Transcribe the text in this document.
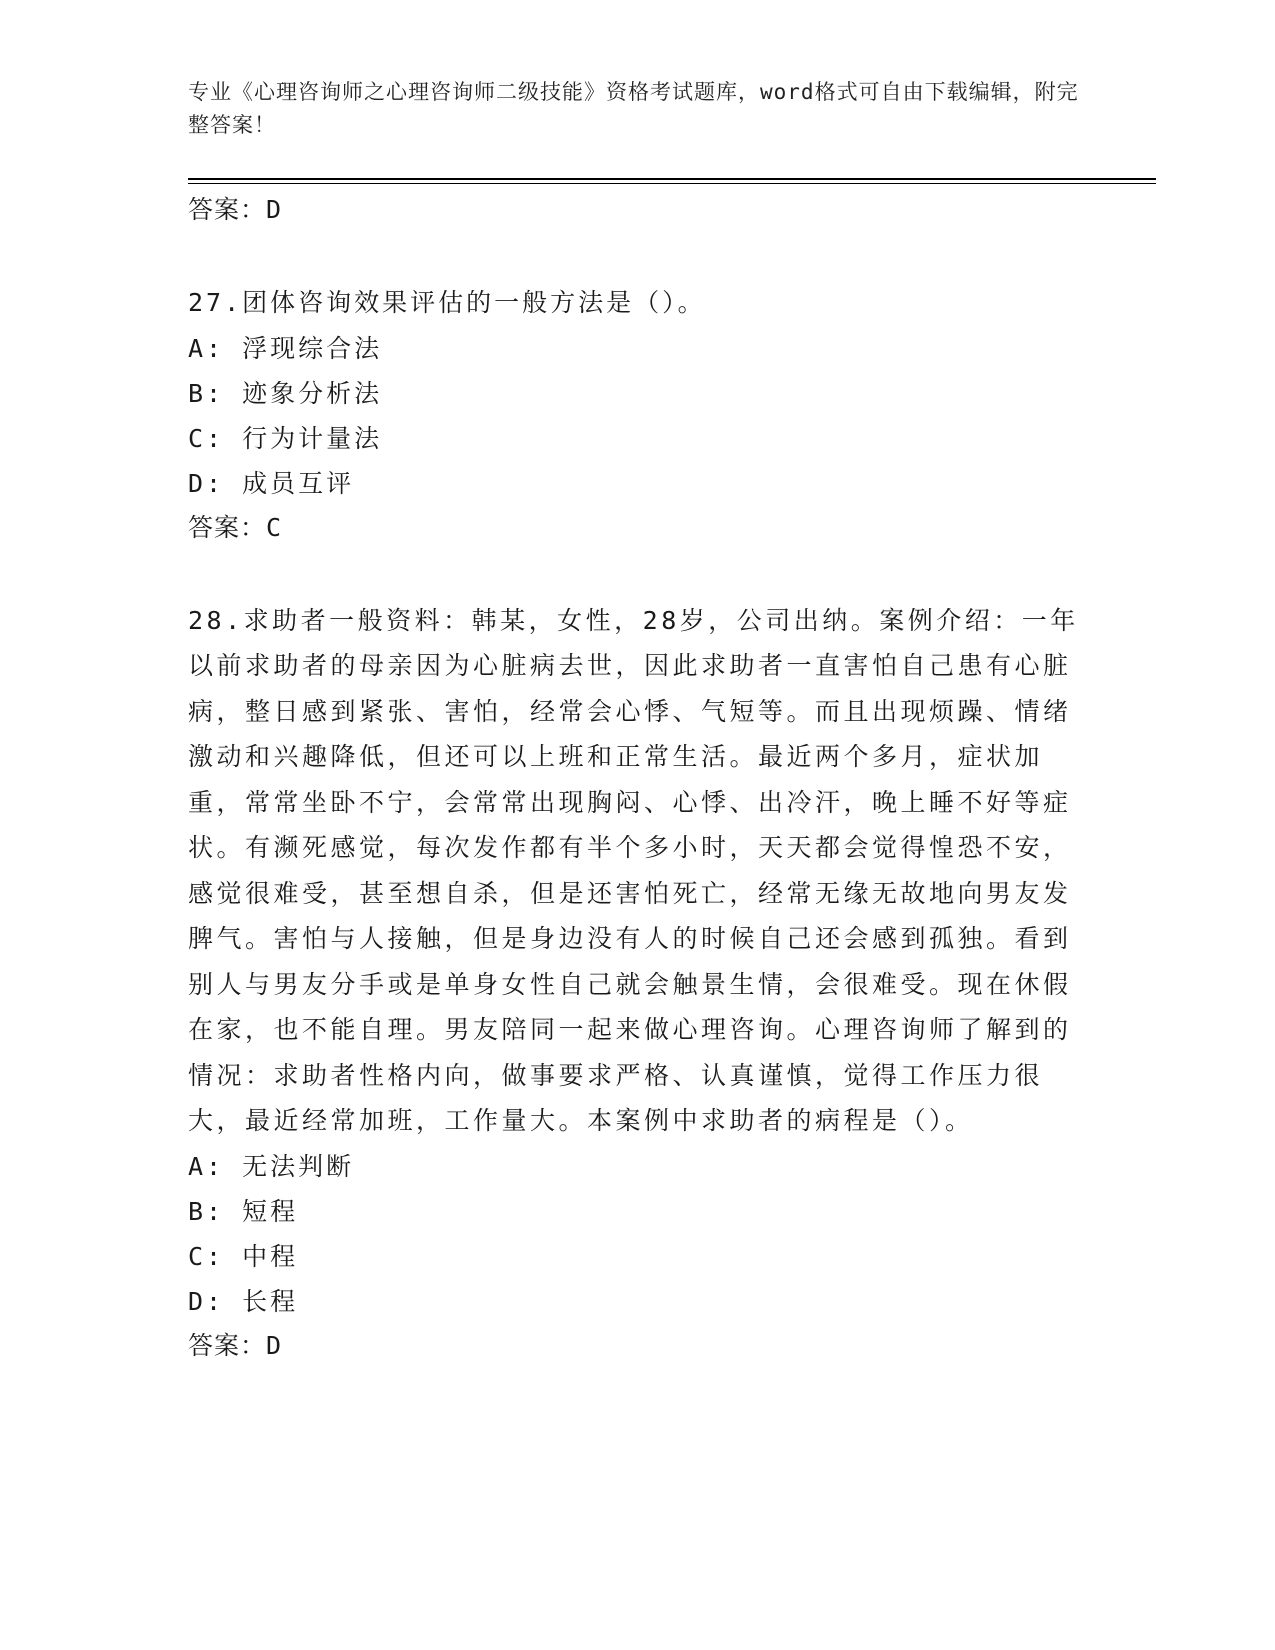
专业《心理咨询师之心理咨询师二级技能》资格考试题库，word格式可自由下载编辑，附完整答案！
答案：D
27.团体咨询效果评估的一般方法是（）。
A: 浮现综合法
B: 迹象分析法
C: 行为计量法
D: 成员互评
答案：C
28.求助者一般资料：韩某，女性，28岁，公司出纳。案例介绍：一年以前求助者的母亲因为心脏病去世，因此求助者一直害怕自己患有心脏病，整日感到紧张、害怕，经常会心悸、气短等。而且出现烦躁、情绪激动和兴趣降低，但还可以上班和正常生活。最近两个多月，症状加重，常常坐卧不宁，会常常出现胸闷、心悸、出冷汗，晚上睡不好等症状。有濒死感觉，每次发作都有半个多小时，天天都会觉得惶恐不安，感觉很难受，甚至想自杀，但是还害怕死亡，经常无缘无故地向男友发脾气。害怕与人接触，但是身边没有人的时候自己还会感到孤独。看到别人与男友分手或是单身女性自己就会触景生情，会很难受。现在休假在家，也不能自理。男友陪同一起来做心理咨询。心理咨询师了解到的情况：求助者性格内向，做事要求严格、认真谨慎，觉得工作压力很大，最近经常加班，工作量大。本案例中求助者的病程是（）。
A: 无法判断
B: 短程
C: 中程
D: 长程
答案：D
